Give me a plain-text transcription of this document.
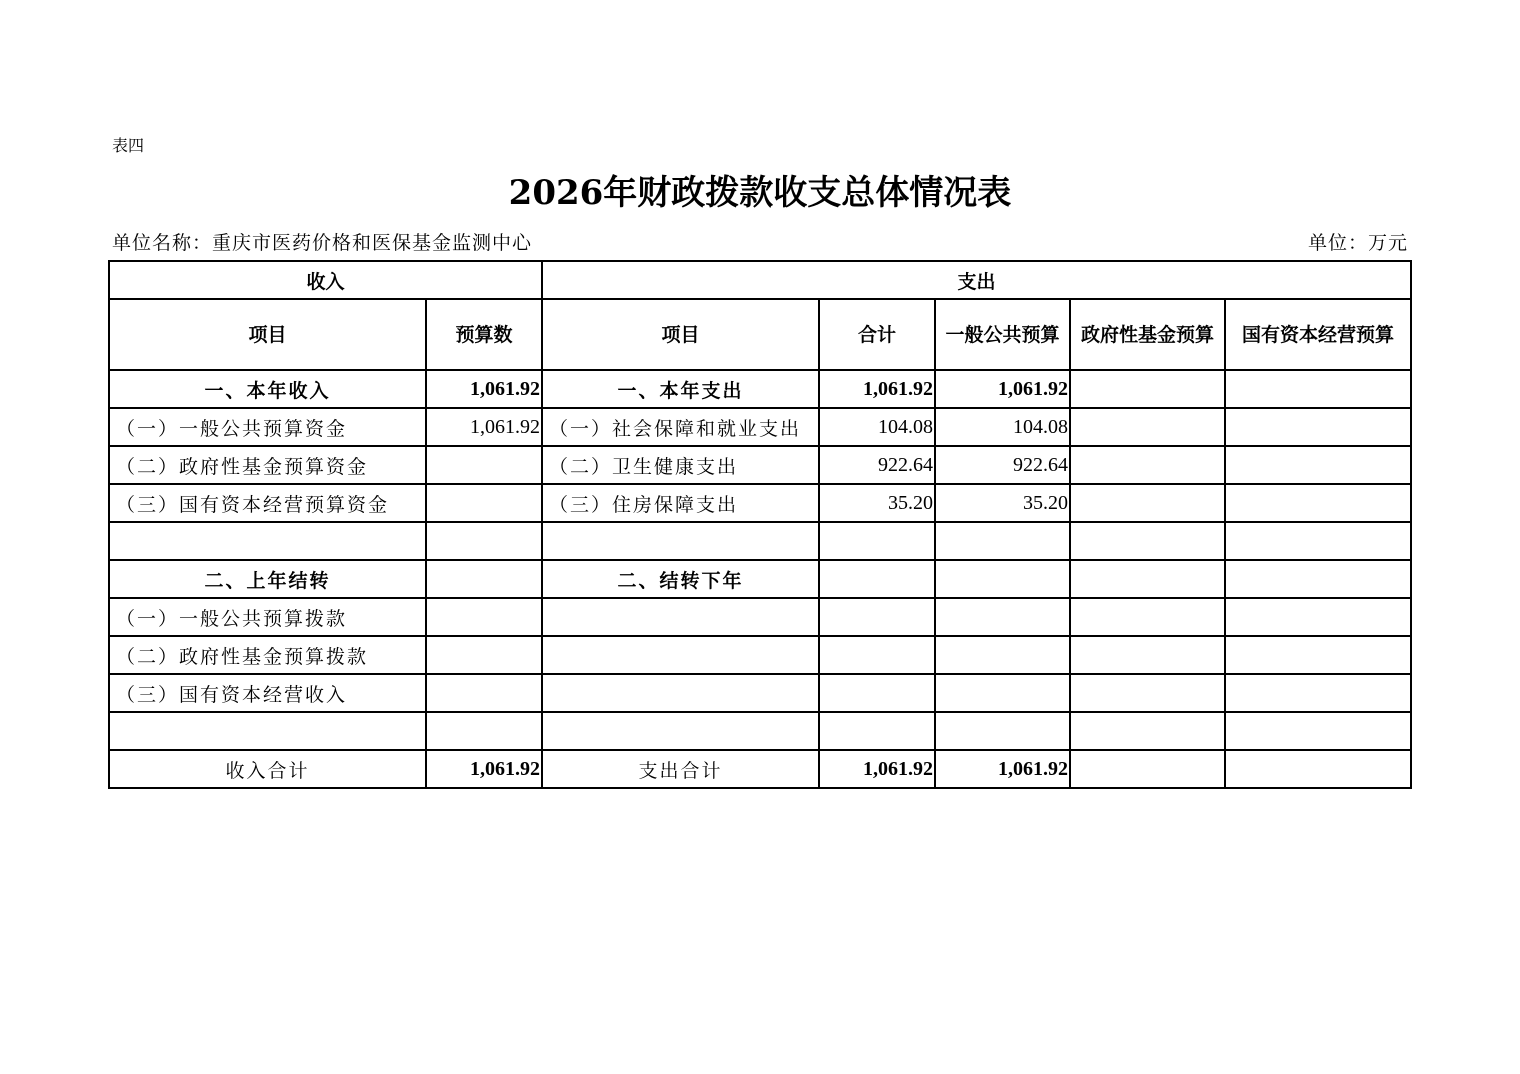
表四
2026年财政拨款收支总体情况表
单位名称：重庆市医药价格和医保基金监测中心	单位：万元
收入		支出				
项目	预算数	项目	合计	一般公共预算	政府性基金预算	国有资本经营预算
一、本年收入	1,061.92	一、本年支出	1,061.92	1,061.92		
（一）一般公共预算资金	1,061.92	（一）社会保障和就业支出	104.08	104.08		
（二）政府性基金预算资金		（二）卫生健康支出	922.64	922.64		
（三）国有资本经营预算资金		（三）住房保障支出	35.20	35.20		

二、上年结转		二、结转下年				
（一）一般公共预算拨款						
（二）政府性基金预算拨款						
（三）国有资本经营收入						

收入合计	1,061.92	支出合计	1,061.92	1,061.92		
